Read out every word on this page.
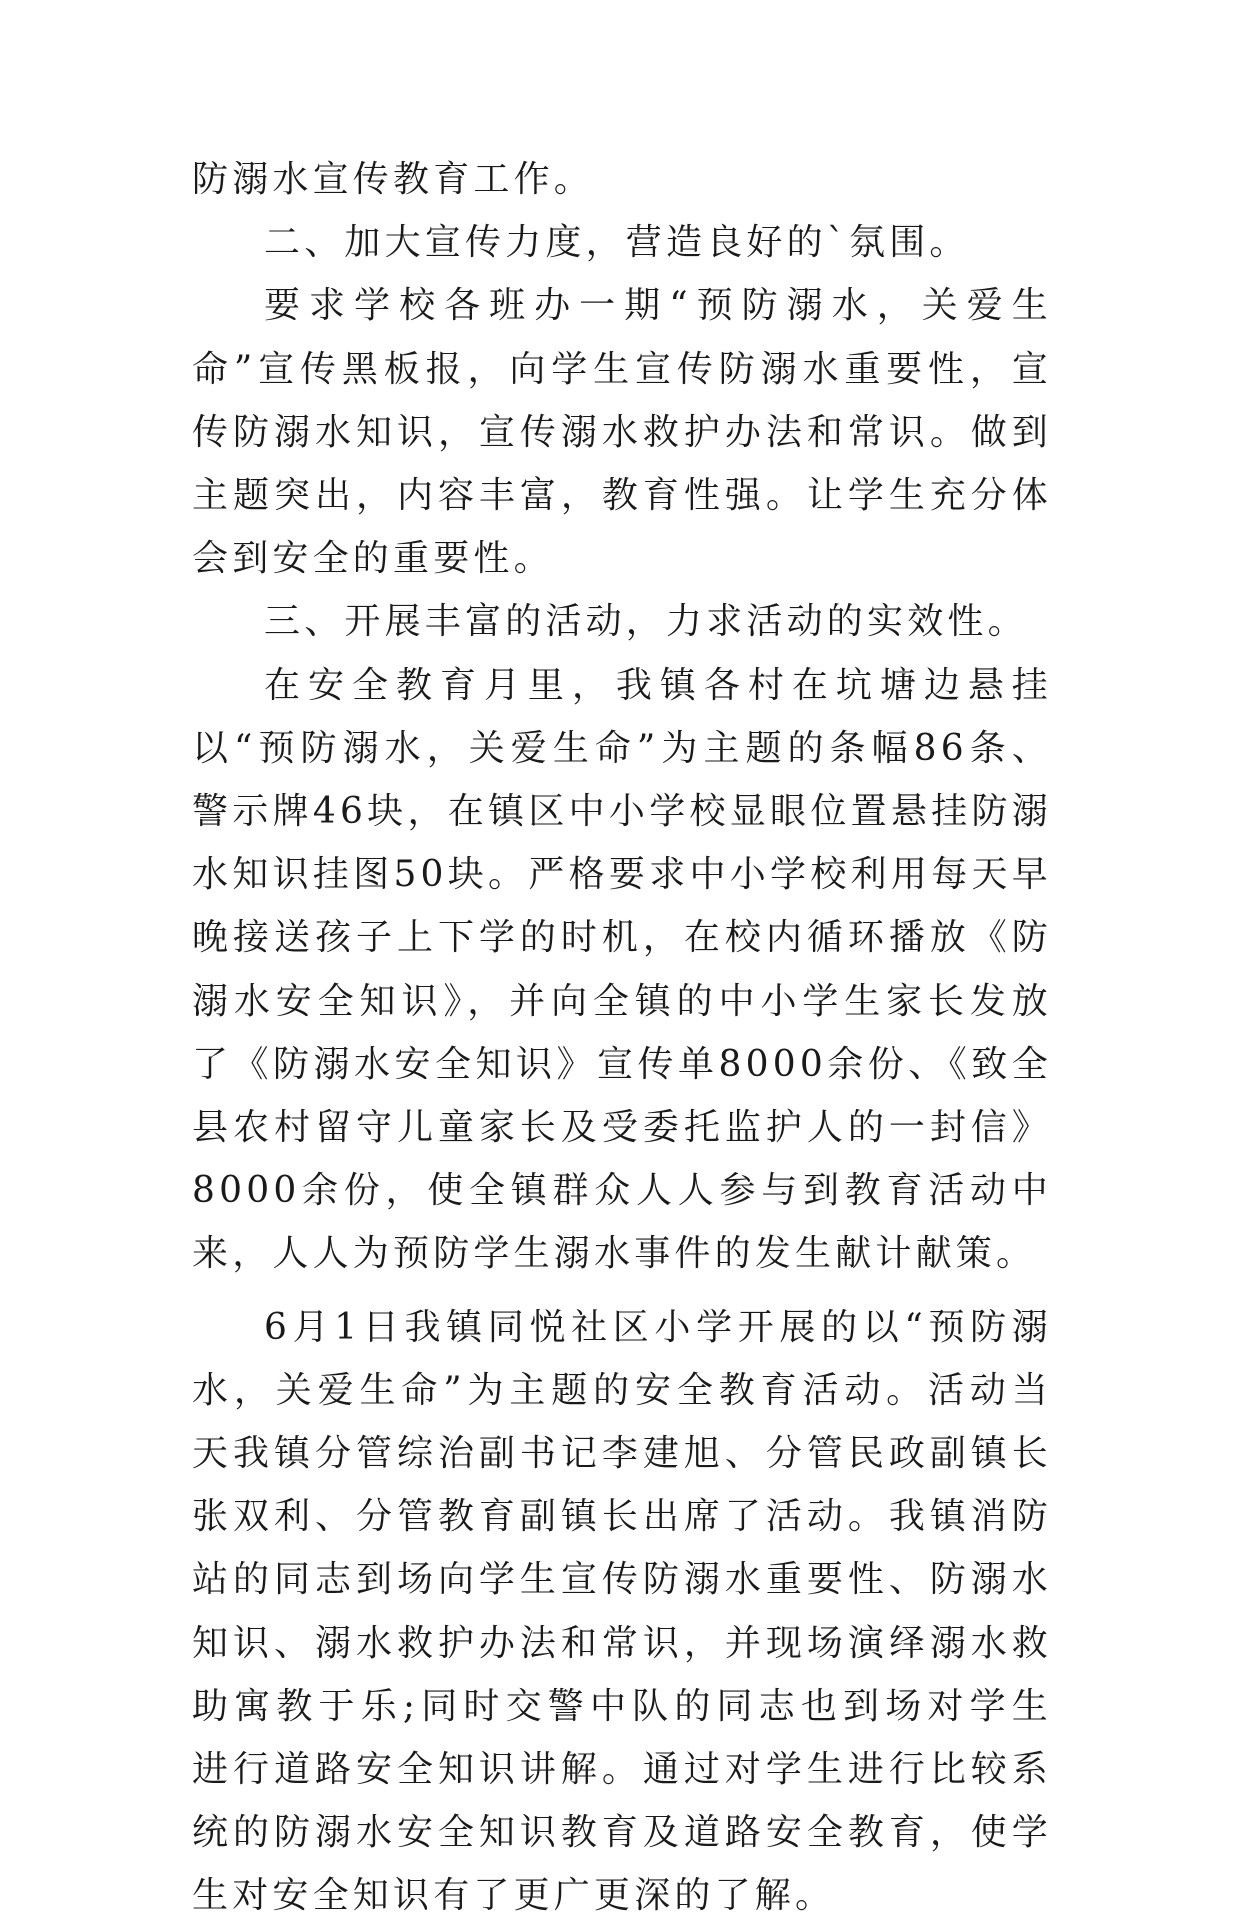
防溺水宣传教育工作。

二、加大宣传力度，营造良好的`氛围。

要求学校各班办一期“预防溺水，关爱生命”宣传黑板报，向学生宣传防溺水重要性，宣传防溺水知识，宣传溺水救护办法和常识。做到主题突出，内容丰富，教育性强。让学生充分体会到安全的重要性。

三、开展丰富的活动，力求活动的实效性。

在安全教育月里，我镇各村在坑塘边悬挂以“预防溺水，关爱生命”为主题的条幅86条、警示牌46块，在镇区中小学校显眼位置悬挂防溺水知识挂图50块。严格要求中小学校利用每天早晚接送孩子上下学的时机，在校内循环播放《防溺水安全知识》，并向全镇的中小学生家长发放了《防溺水安全知识》宣传单8000余份、《致全县农村留守儿童家长及受委托监护人的一封信》8000余份，使全镇群众人人参与到教育活动中来，人人为预防学生溺水事件的发生献计献策。

6月1日我镇同悦社区小学开展的以“预防溺水，关爱生命”为主题的安全教育活动。活动当天我镇分管综治副书记李建旭、分管民政副镇长张双利、分管教育副镇长出席了活动。我镇消防站的同志到场向学生宣传防溺水重要性、防溺水知识、溺水救护办法和常识，并现场演绎溺水救助寓教于乐;同时交警中队的同志也到场对学生进行道路安全知识讲解。通过对学生进行比较系统的防溺水安全知识教育及道路安全教育，使学生对安全知识有了更广更深的了解。
